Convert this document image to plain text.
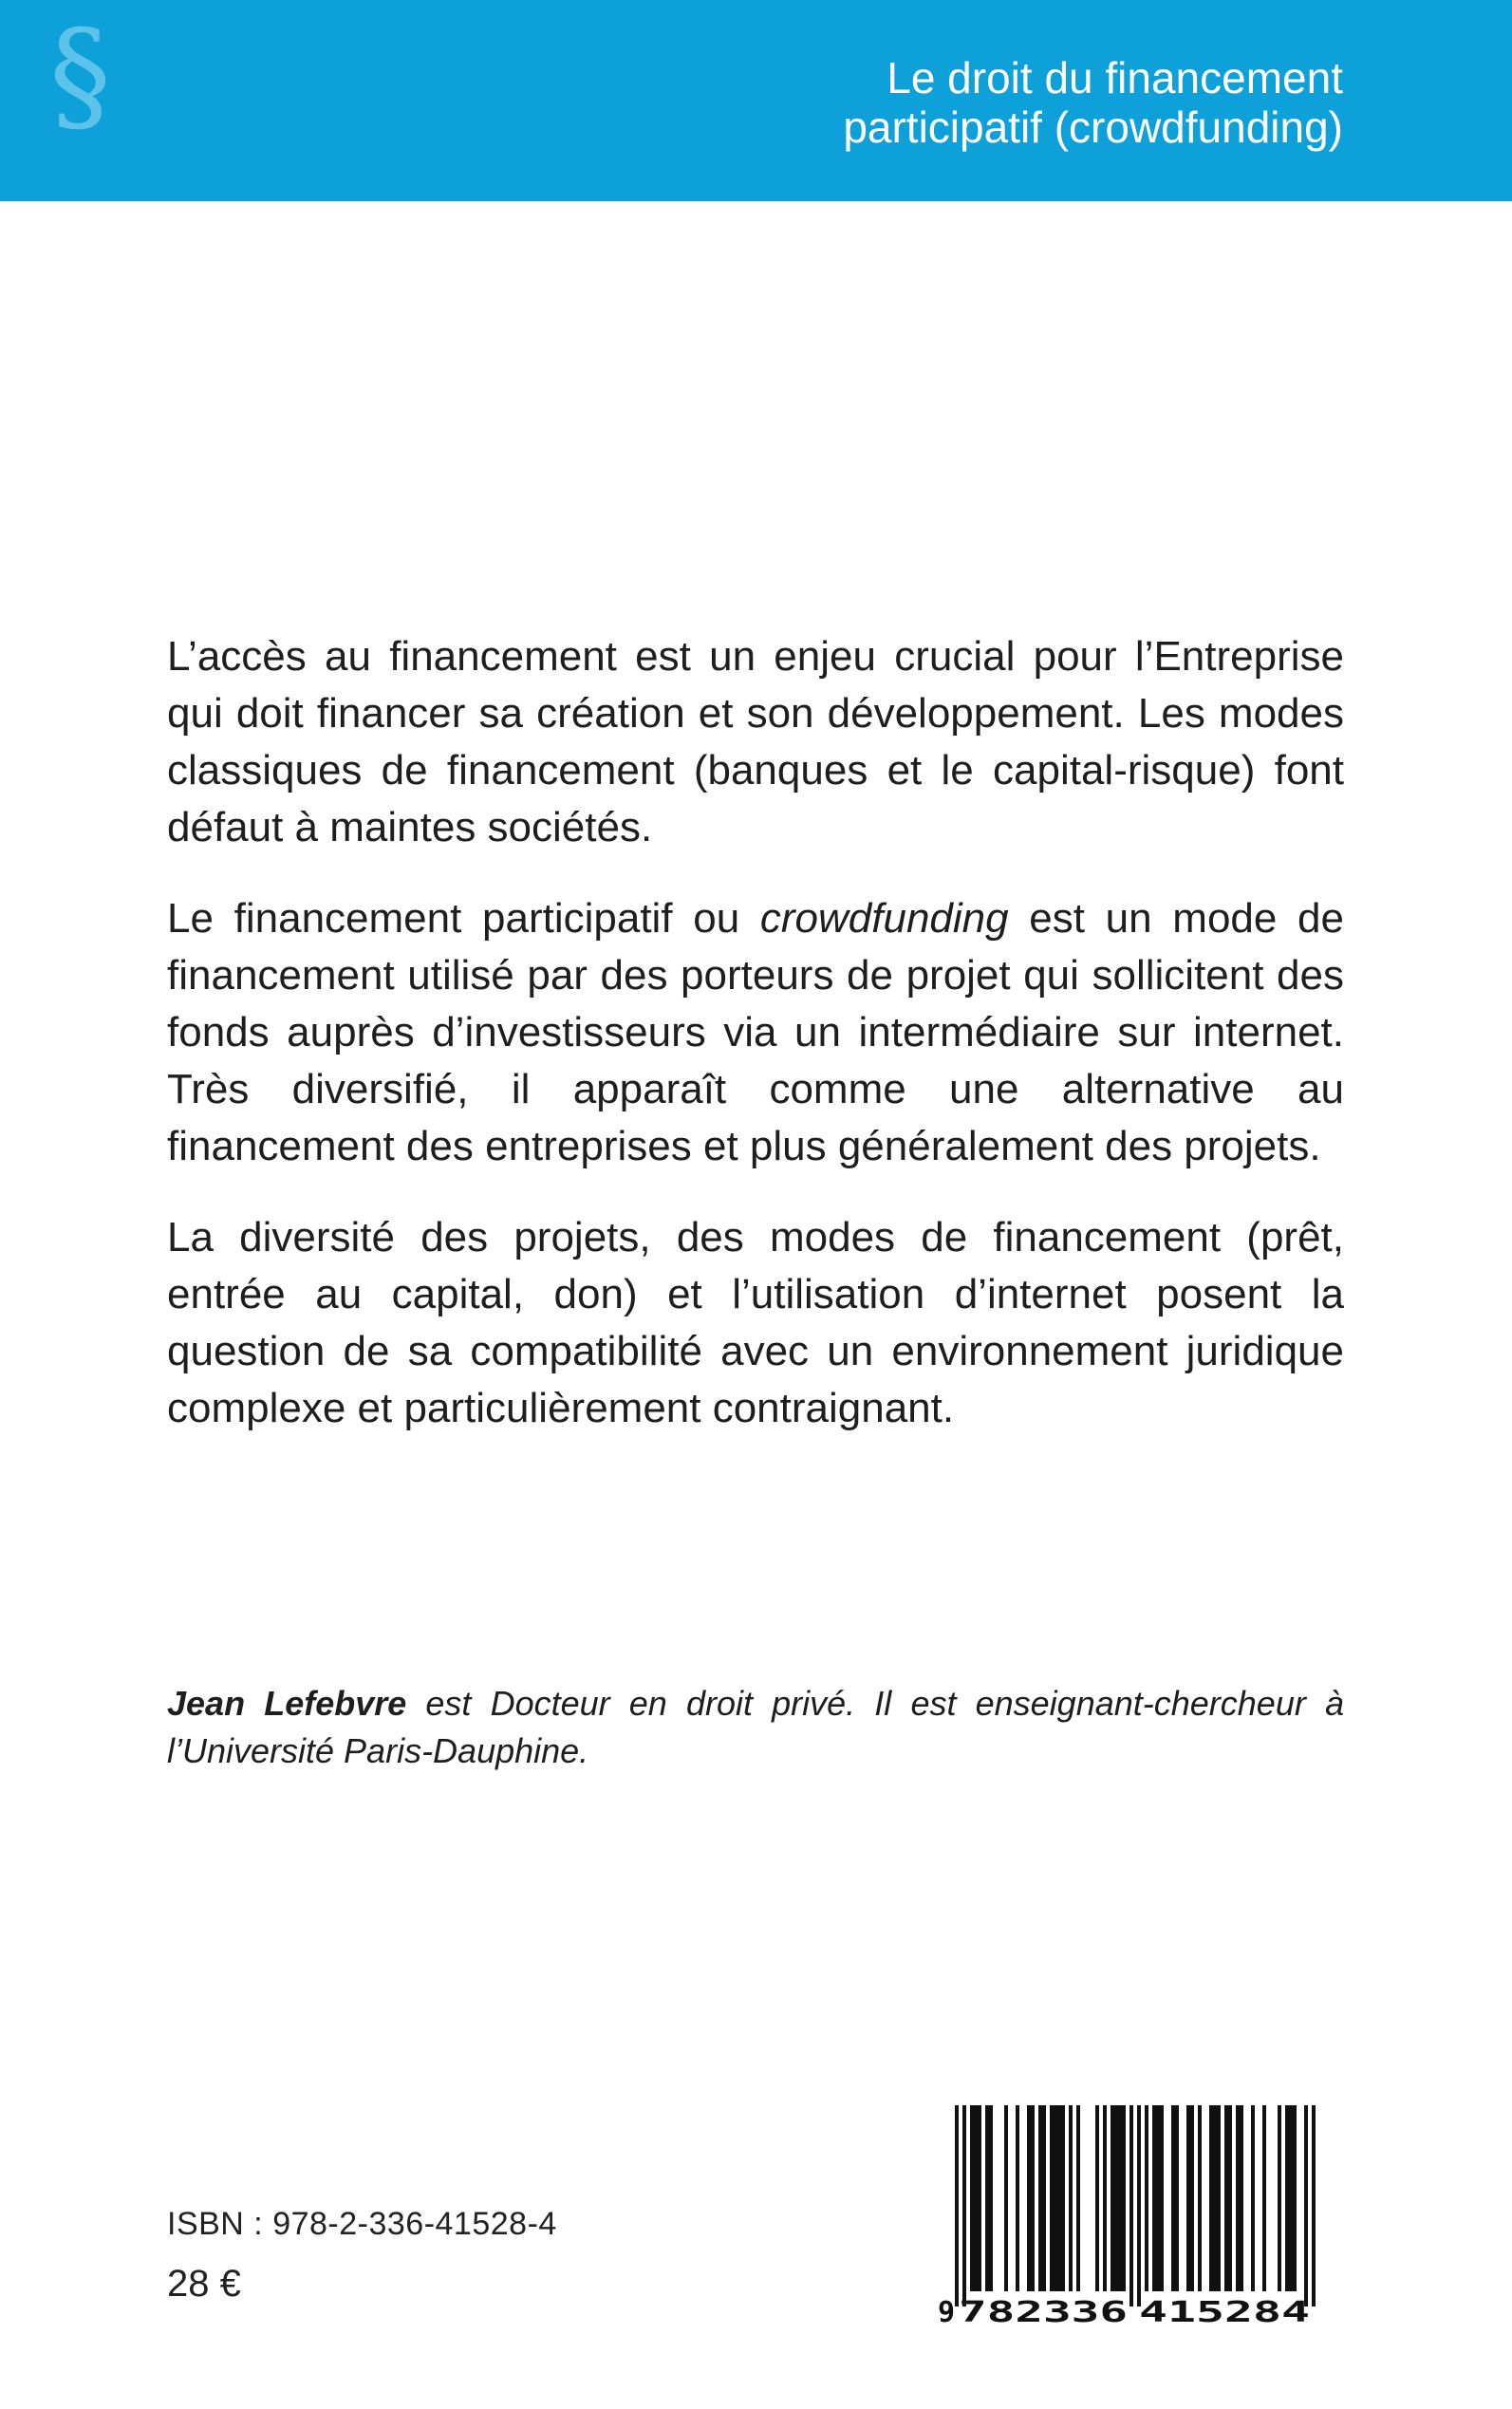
§	Le droit du financement
participatif (crowdfunding)

L’accès au financement est un enjeu crucial pour l’Entreprise qui doit financer sa création et son développement. Les modes classiques de financement (banques et le capital-risque) font défaut à maintes sociétés.

Le financement participatif ou crowdfunding est un mode de financement utilisé par des porteurs de projet qui sollicitent des fonds auprès d’investisseurs via un intermédiaire sur internet. Très diversifié, il apparaît comme une alternative au financement des entreprises et plus généralement des projets.

La diversité des projets, des modes de financement (prêt, entrée au capital, don) et l’utilisation d’internet posent la question de sa compatibilité avec un environnement juridique complexe et particulièrement contraignant.

Jean Lefebvre est Docteur en droit privé. Il est enseignant-chercheur à l’Université Paris-Dauphine.
ISBN : 978-2-336-41528-4
28 €
9 782336 415284
